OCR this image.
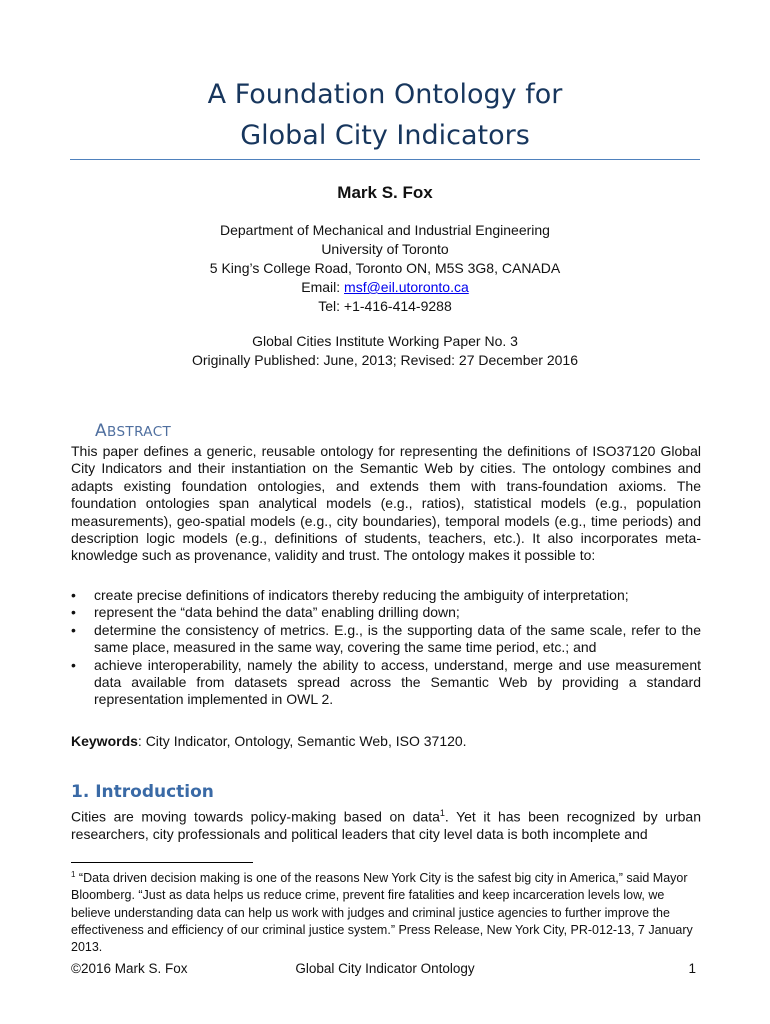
A Foundation Ontology for
Global City Indicators
Mark S. Fox
Department of Mechanical and Industrial Engineering
University of Toronto
5 King’s College Road, Toronto ON, M5S 3G8, CANADA
Email: msf@eil.utoronto.ca
Tel: +1-416-414-9288
Global Cities Institute Working Paper No. 3
Originally Published: June, 2013; Revised: 27 December 2016
ABSTRACT
This paper defines a generic, reusable ontology for representing the definitions of ISO37120 Global City Indicators and their instantiation on the Semantic Web by cities. The ontology combines and adapts existing foundation ontologies, and extends them with trans-foundation axioms. The foundation ontologies span analytical models (e.g., ratios), statistical models (e.g., population measurements), geo-spatial models (e.g., city boundaries), temporal models (e.g., time periods) and description logic models (e.g., definitions of students, teachers, etc.). It also incorporates meta-knowledge such as provenance, validity and trust. The ontology makes it possible to:
• create precise definitions of indicators thereby reducing the ambiguity of interpretation;
• represent the “data behind the data” enabling drilling down;
• determine the consistency of metrics. E.g., is the supporting data of the same scale, refer to the same place, measured in the same way, covering the same time period, etc.; and
• achieve interoperability, namely the ability to access, understand, merge and use measurement data available from datasets spread across the Semantic Web by providing a standard representation implemented in OWL 2.
Keywords: City Indicator, Ontology, Semantic Web, ISO 37120.
1. Introduction
Cities are moving towards policy-making based on data$^1$. Yet it has been recognized by urban researchers, city professionals and political leaders that city level data is both incomplete and
$^1$ “Data driven decision making is one of the reasons New York City is the safest big city in America,” said Mayor Bloomberg. “Just as data helps us reduce crime, prevent fire fatalities and keep incarceration levels low, we believe understanding data can help us work with judges and criminal justice agencies to further improve the effectiveness and efficiency of our criminal justice system.” Press Release, New York City, PR-012-13, 7 January 2013.
©2016 Mark S. Fox	Global City Indicator Ontology	1
